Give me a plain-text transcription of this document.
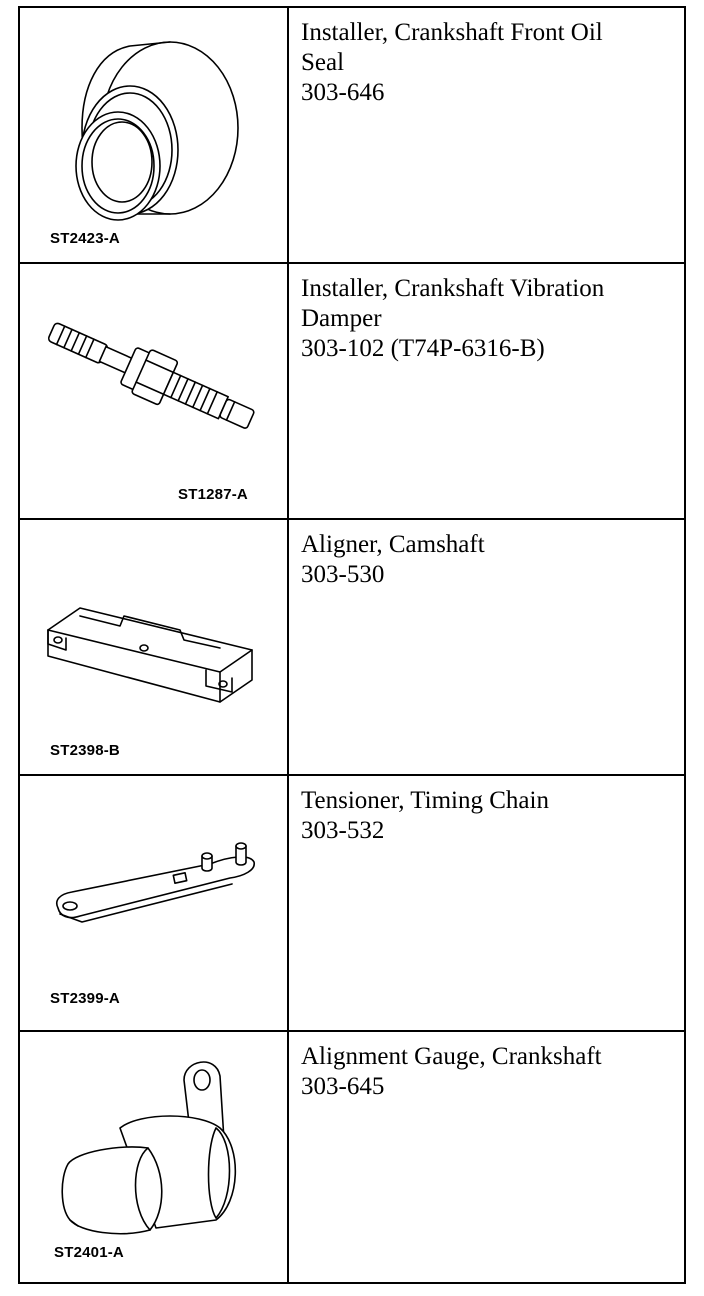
ST2423-A
Installer, Crankshaft Front Oil
Seal
303-646
ST1287-A
Installer, Crankshaft Vibration
Damper
303-102 (T74P-6316-B)
ST2398-B
Aligner, Camshaft
303-530
ST2399-A
Tensioner, Timing Chain
303-532
ST2401-A
Alignment Gauge, Crankshaft
303-645
